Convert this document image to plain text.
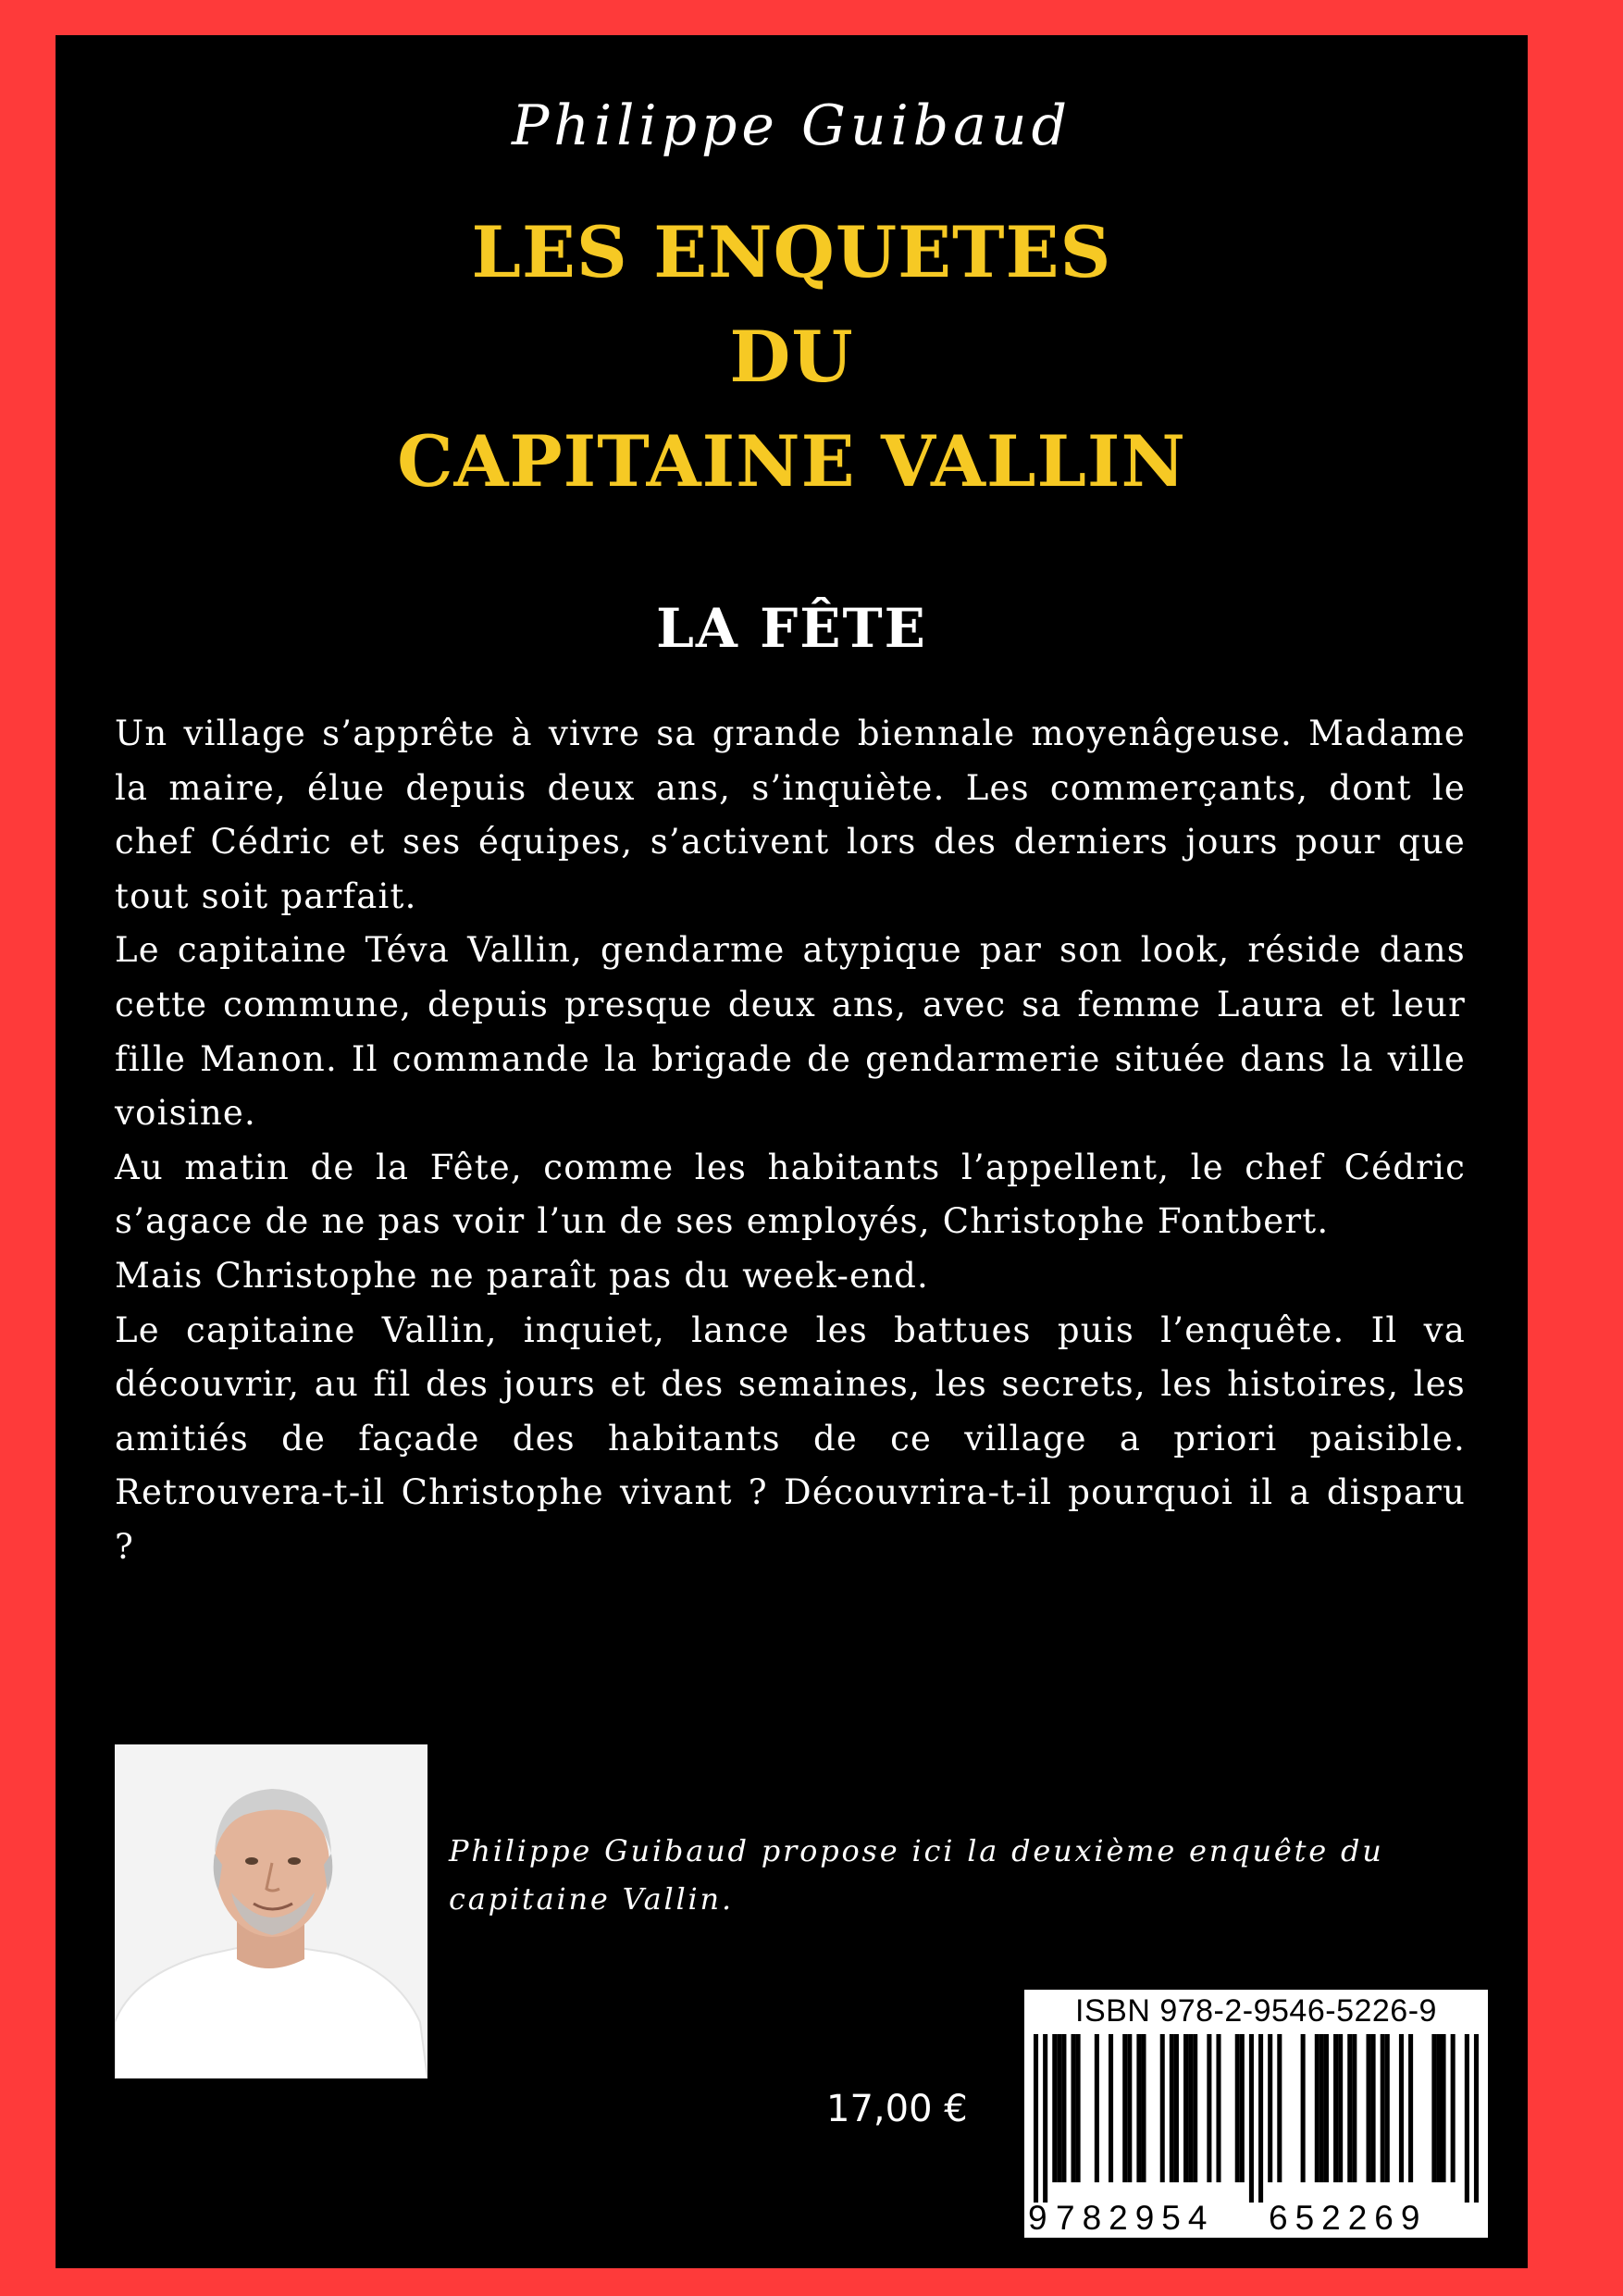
Philippe Guibaud
LES ENQUETES
DU
CAPITAINE VALLIN
LA FÊTE

Un village s’apprête à vivre sa grande biennale moyenâgeuse. Madame la maire, élue depuis deux ans, s’inquiète. Les commerçants, dont le chef Cédric et ses équipes, s’activent lors des derniers jours pour que tout soit parfait.

Le capitaine Téva Vallin, gendarme atypique par son look, réside dans cette commune, depuis presque deux ans, avec sa femme Laura et leur fille Manon. Il commande la brigade de gendarmerie située dans la ville voisine.

Au matin de la Fête, comme les habitants l’appellent, le chef Cédric s’agace de ne pas voir l’un de ses employés, Christophe Fontbert.

Mais Christophe ne paraît pas du week-end.

Le capitaine Vallin, inquiet, lance les battues puis l’enquête. Il va découvrir, au fil des jours et des semaines, les secrets, les histoires, les amitiés de façade des habitants de ce village a priori paisible. Retrouvera-t-il Christophe vivant ? Découvrira-t-il pourquoi il a disparu ?

Philippe Guibaud propose ici la deuxième enquête du capitaine Vallin.
17,00 €
ISBN 978-2-9546-5226-9
9 782954 652269
